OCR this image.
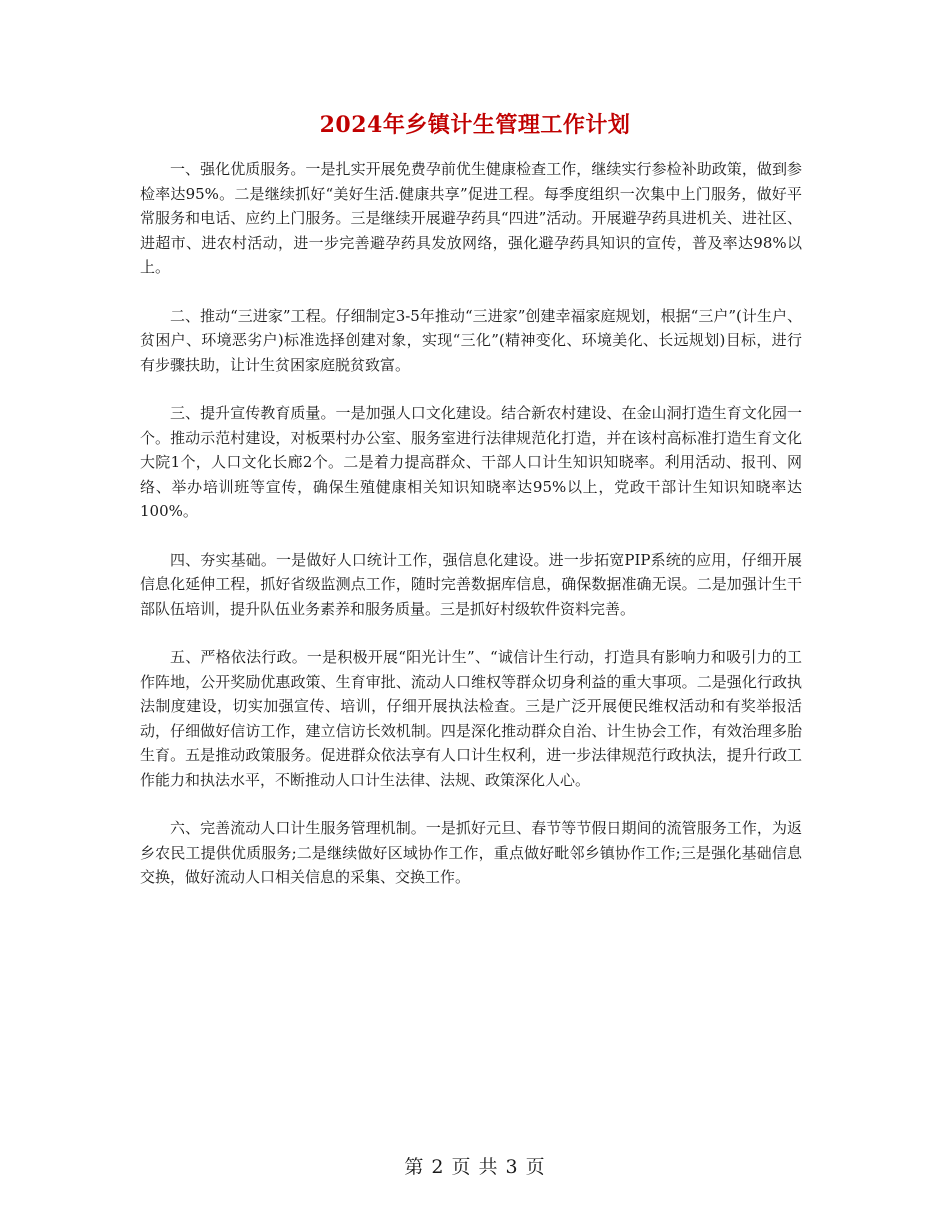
2024年乡镇计生管理工作计划

一、强化优质服务。一是扎实开展免费孕前优生健康检查工作，继续实行参检补助政策，做到参检率达95%。二是继续抓好“美好生活.健康共享”促进工程。每季度组织一次集中上门服务，做好平常服务和电话、应约上门服务。三是继续开展避孕药具“四进”活动。开展避孕药具进机关、进社区、进超市、进农村活动，进一步完善避孕药具发放网络，强化避孕药具知识的宣传，普及率达98%以上。

二、推动“三进家”工程。仔细制定3-5年推动“三进家”创建幸福家庭规划，根据“三户”(计生户、贫困户、环境恶劣户)标准选择创建对象，实现“三化”(精神变化、环境美化、长远规划)目标，进行有步骤扶助，让计生贫困家庭脱贫致富。

三、提升宣传教育质量。一是加强人口文化建设。结合新农村建设、在金山洞打造生育文化园一个。推动示范村建设，对板栗村办公室、服务室进行法律规范化打造，并在该村高标准打造生育文化大院1个，人口文化长廊2个。二是着力提高群众、干部人口计生知识知晓率。利用活动、报刊、网络、举办培训班等宣传，确保生殖健康相关知识知晓率达95%以上，党政干部计生知识知晓率达100%。

四、夯实基础。一是做好人口统计工作，强信息化建设。进一步拓宽PIP系统的应用，仔细开展信息化延伸工程，抓好省级监测点工作，随时完善数据库信息，确保数据准确无误。二是加强计生干部队伍培训，提升队伍业务素养和服务质量。三是抓好村级软件资料完善。

五、严格依法行政。一是积极开展“阳光计生”、“诚信计生行动，打造具有影响力和吸引力的工作阵地，公开奖励优惠政策、生育审批、流动人口维权等群众切身利益的重大事项。二是强化行政执法制度建设，切实加强宣传、培训，仔细开展执法检查。三是广泛开展便民维权活动和有奖举报活动，仔细做好信访工作，建立信访长效机制。四是深化推动群众自治、计生协会工作，有效治理多胎生育。五是推动政策服务。促进群众依法享有人口计生权利，进一步法律规范行政执法，提升行政工作能力和执法水平，不断推动人口计生法律、法规、政策深化人心。

六、完善流动人口计生服务管理机制。一是抓好元旦、春节等节假日期间的流管服务工作，为返乡农民工提供优质服务;二是继续做好区域协作工作，重点做好毗邻乡镇协作工作;三是强化基础信息交换，做好流动人口相关信息的采集、交换工作。

第 2 页 共 3 页
